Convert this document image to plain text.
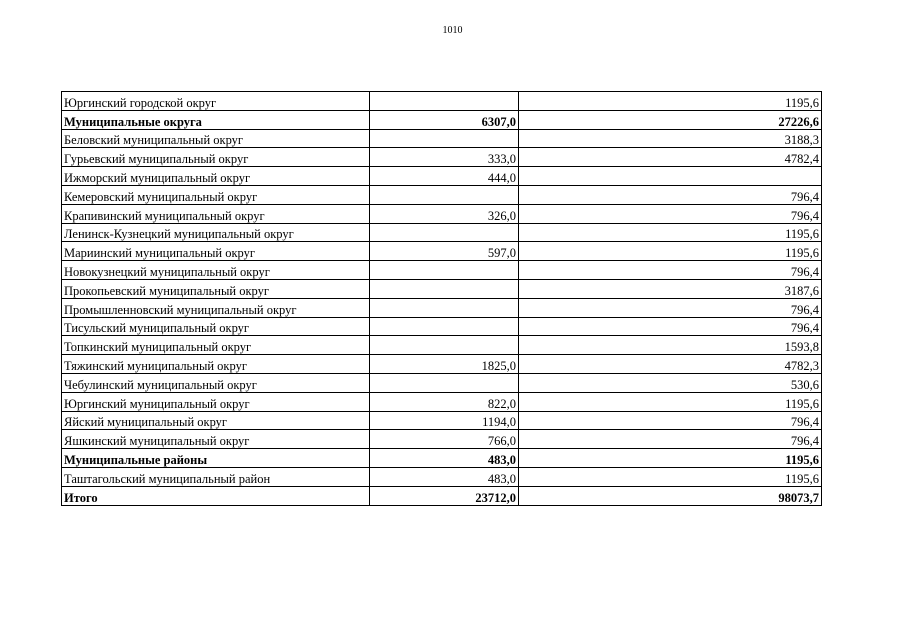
1010
Юргинский городской округ		1195,6
Муниципальные округа	6307,0	27226,6
Беловский муниципальный округ		3188,3
Гурьевский муниципальный округ	333,0	4782,4
Ижморский муниципальный округ	444,0	
Кемеровский муниципальный округ		796,4
Крапивинский муниципальный округ	326,0	796,4
Ленинск-Кузнецкий муниципальный округ		1195,6
Мариинский муниципальный округ	597,0	1195,6
Новокузнецкий муниципальный округ		796,4
Прокопьевский муниципальный округ		3187,6
Промышленновский муниципальный округ		796,4
Тисульский муниципальный округ		796,4
Топкинский муниципальный округ		1593,8
Тяжинский муниципальный округ	1825,0	4782,3
Чебулинский муниципальный округ		530,6
Юргинский муниципальный округ	822,0	1195,6
Яйский муниципальный округ	1194,0	796,4
Яшкинский муниципальный округ	766,0	796,4
Муниципальные районы	483,0	1195,6
Таштагольский муниципальный район	483,0	1195,6
Итого	23712,0	98073,7
